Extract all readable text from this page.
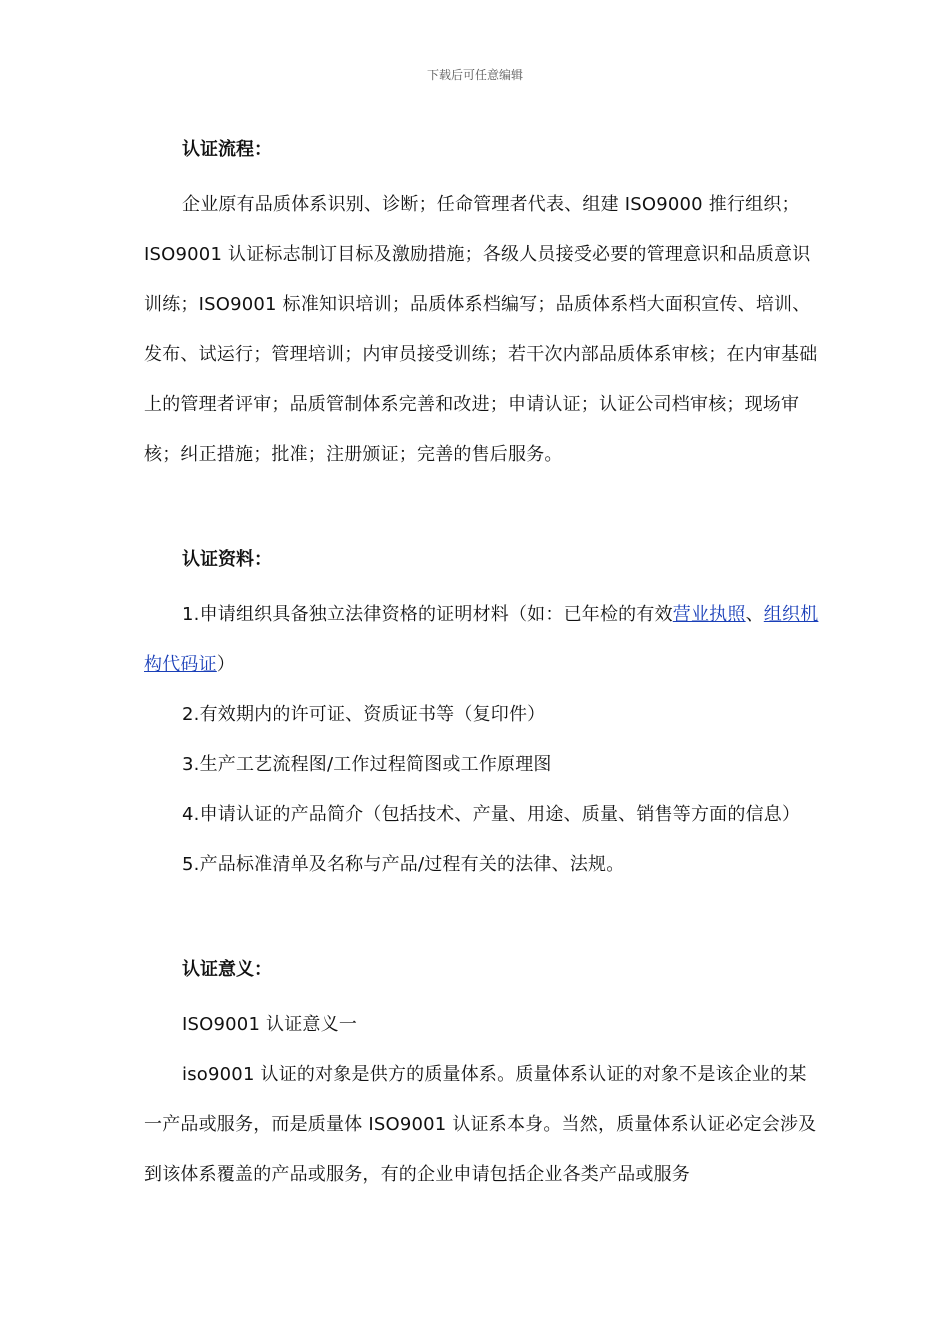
下载后可任意编辑
认证流程：

企业原有品质体系识别、诊断；任命管理者代表、组建 ISO9000 推行组织； ISO9001 认证标志制订目标及激励措施；各级人员接受必要的管理意识和品质意识训练；ISO9001 标准知识培训；品质体系档编写；品质体系档大面积宣传、培训、发布、试运行；管理培训；内审员接受训练；若干次内部品质体系审核；在内审基础上的管理者评审；品质管制体系完善和改进；申请认证；认证公司档审核；现场审核；纠正措施；批准；注册颁证；完善的售后服务。

认证资料：

1.申请组织具备独立法律资格的证明材料（如：已年检的有效营业执照、组织机构代码证）

2.有效期内的许可证、资质证书等（复印件）

3.生产工艺流程图/工作过程简图或工作原理图

4.申请认证的产品简介（包括技术、产量、用途、质量、销售等方面的信息）

5.产品标准清单及名称与产品/过程有关的法律、法规。

认证意义：

ISO9001 认证意义一

iso9001 认证的对象是供方的质量体系。质量体系认证的对象不是该企业的某一产品或服务，而是质量体 ISO9001 认证系本身。当然，质量体系认证必定会涉及到该体系覆盖的产品或服务，有的企业申请包括企业各类产品或服务
